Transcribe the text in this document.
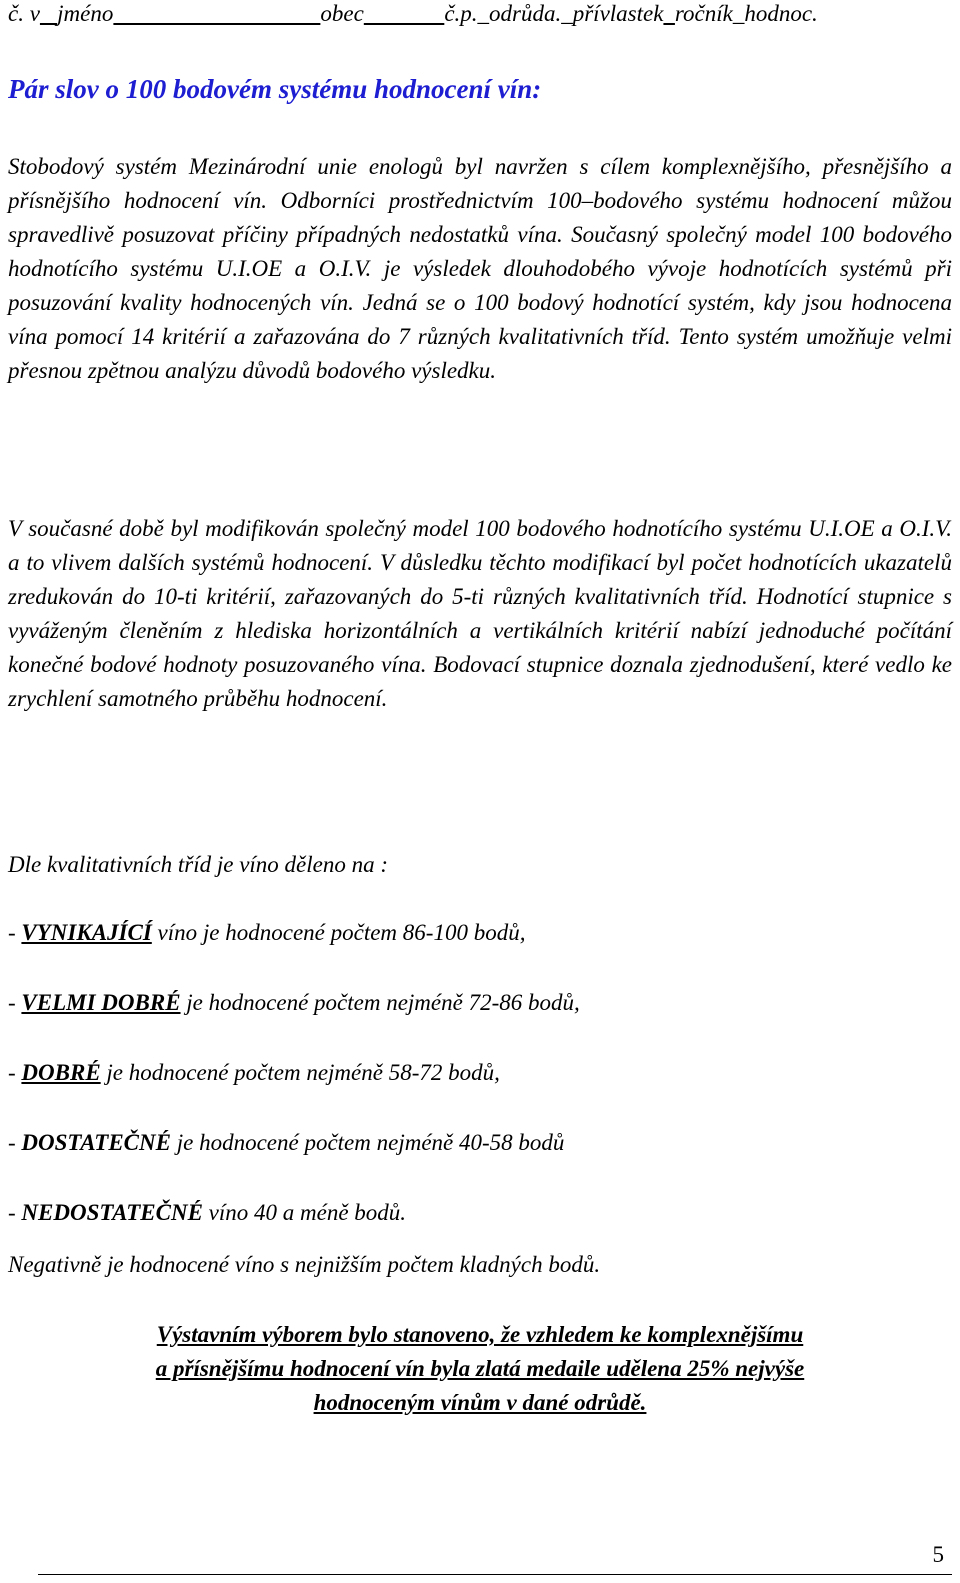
č. v jméno	obec	č.p._odrůda._přívlastek ročník_hodnoc.
Pár slov o 100 bodovém systému hodnocení vín:
Stobodový systém Mezinárodní unie enologů byl navržen s cílem komplexnějšího, přesnějšího a přísnějšího hodnocení vín. Odborníci prostřednictvím 100–bodového systému hodnocení můžou spravedlivě posuzovat příčiny případných nedostatků vína. Současný společný model 100 bodového hodnotícího systému U.I.OE a O.I.V. je výsledek dlouhodobého vývoje hodnotících systémů při posuzování kvality hodnocených vín. Jedná se o 100 bodový hodnotící systém, kdy jsou hodnocena vína pomocí 14 kritérií a zařazována do 7 různých kvalitativních tříd. Tento systém umožňuje velmi přesnou zpětnou analýzu důvodů bodového výsledku.
V současné době byl modifikován společný model 100 bodového hodnotícího systému U.I.OE a O.I.V. a to vlivem dalších systémů hodnocení. V důsledku těchto modifikací byl počet hodnotících ukazatelů zredukován do 10-ti kritérií, zařazovaných do 5-ti různých kvalitativních tříd. Hodnotící stupnice s vyváženým členěním z hlediska horizontálních a vertikálních kritérií nabízí jednoduché počítání konečné bodové hodnoty posuzovaného vína. Bodovací stupnice doznala zjednodušení, které vedlo ke zrychlení samotného průběhu hodnocení.
Dle kvalitativních tříd je víno děleno na :
- VYNIKAJÍCÍ víno je hodnocené počtem 86-100 bodů,
- VELMI DOBRÉ je hodnocené počtem nejméně 72-86 bodů,
- DOBRÉ je hodnocené počtem nejméně 58-72 bodů,
- DOSTATEČNÉ je hodnocené počtem nejméně 40-58 bodů
- NEDOSTATEČNÉ víno 40 a méně bodů.
Negativně je hodnocené víno s nejnižším počtem kladných bodů.
Výstavním výborem bylo stanoveno, že vzhledem ke komplexnějšímu
a přísnějšímu hodnocení vín byla zlatá medaile udělena 25% nejvýše
hodnoceným vínům v dané odrůdě.
5
